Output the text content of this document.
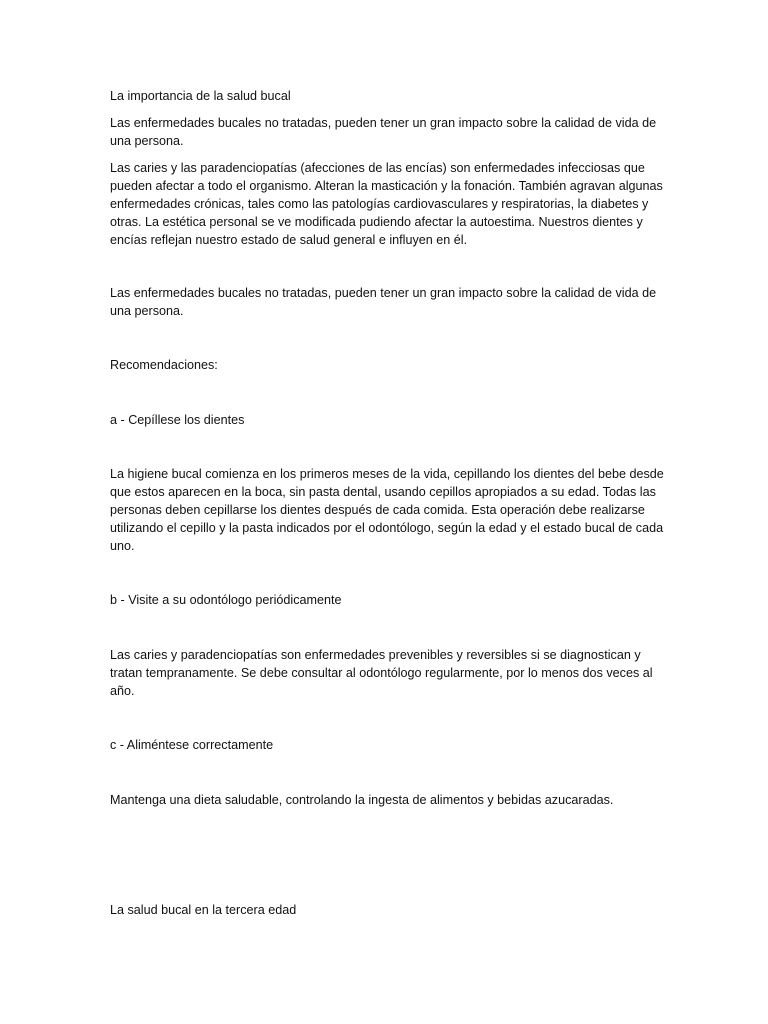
La importancia de la salud bucal

Las enfermedades bucales no tratadas, pueden tener un gran impacto sobre la calidad de vida de una persona.

Las caries y las paradenciopatías (afecciones de las encías) son enfermedades infecciosas que pueden afectar a todo el organismo. Alteran la masticación y la fonación. También agravan algunas enfermedades crónicas, tales como las patologías cardiovasculares y respiratorias, la diabetes y otras. La estética personal se ve modificada pudiendo afectar la autoestima. Nuestros dientes y encías reflejan nuestro estado de salud general e influyen en él.

Las enfermedades bucales no tratadas, pueden tener un gran impacto sobre la calidad de vida de una persona.

Recomendaciones:

a - Cepíllese los dientes

La higiene bucal comienza en los primeros meses de la vida, cepillando los dientes del bebe desde que estos aparecen en la boca, sin pasta dental, usando cepillos apropiados a su edad. Todas las personas deben cepillarse los dientes después de cada comida. Esta operación debe realizarse utilizando el cepillo y la pasta indicados por el odontólogo, según la edad y el estado bucal de cada uno.

b - Visite a su odontólogo periódicamente

Las caries y paradenciopatías son enfermedades prevenibles y reversibles si se diagnostican y tratan tempranamente. Se debe consultar al odontólogo regularmente, por lo menos dos veces al año.

c - Aliméntese correctamente

Mantenga una dieta saludable, controlando la ingesta de alimentos y bebidas azucaradas.

La salud bucal en la tercera edad
